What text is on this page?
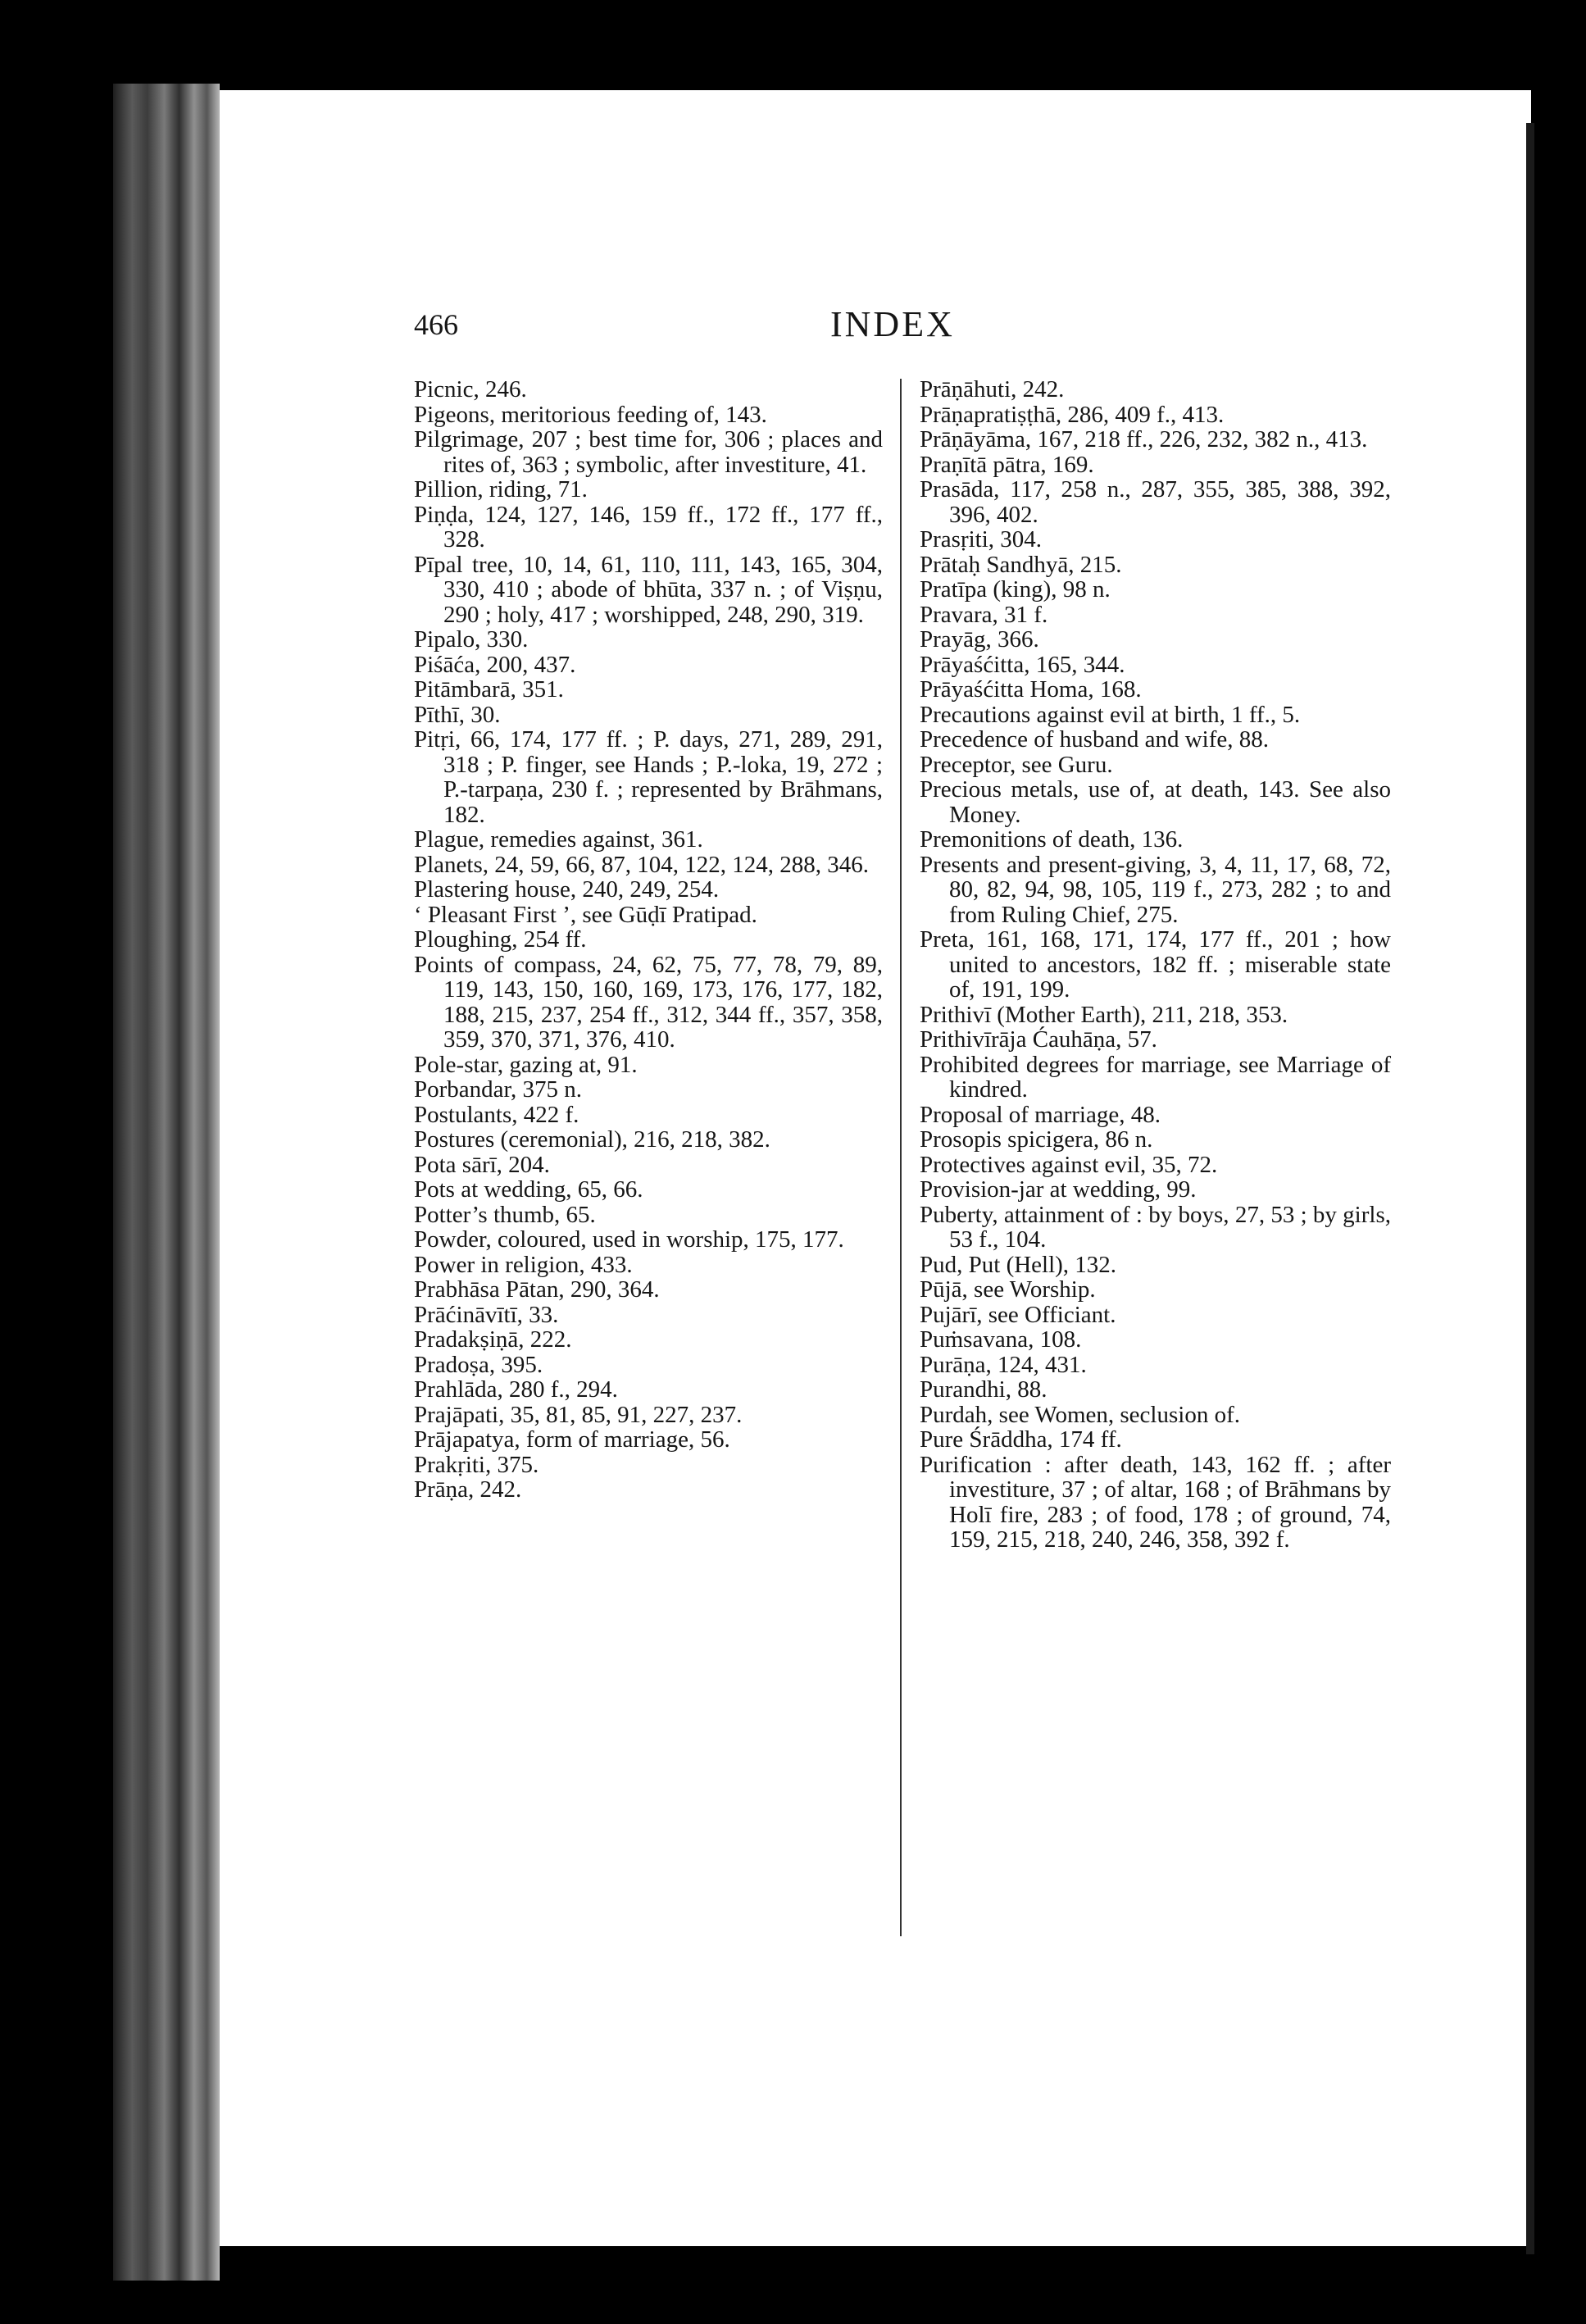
466	INDEX
Picnic, 246.
Pigeons, meritorious feeding of, 143.
Pilgrimage, 207 ; best time for, 306 ; places and rites of, 363 ; symbolic, after investiture, 41.
Pillion, riding, 71.
Piṇḍa, 124, 127, 146, 159 ff., 172 ff., 177 ff., 328.
Pīpal tree, 10, 14, 61, 110, 111, 143, 165, 304, 330, 410 ; abode of bhūta, 337 n. ; of Viṣṇu, 290 ; holy, 417 ; worshipped, 248, 290, 319.
Pipalo, 330.
Piśāća, 200, 437.
Pitāmbarā, 351.
Pīthī, 30.
Pitṛi, 66, 174, 177 ff. ; P. days, 271, 289, 291, 318 ; P. finger, see Hands ; P.-loka, 19, 272 ; P.-tarpaṇa, 230 f. ; represented by Brāhmans, 182.
Plague, remedies against, 361.
Planets, 24, 59, 66, 87, 104, 122, 124, 288, 346.
Plastering house, 240, 249, 254.
‘ Pleasant First ’, see Gūḍī Pratipad.
Ploughing, 254 ff.
Points of compass, 24, 62, 75, 77, 78, 79, 89, 119, 143, 150, 160, 169, 173, 176, 177, 182, 188, 215, 237, 254 ff., 312, 344 ff., 357, 358, 359, 370, 371, 376, 410.
Pole-star, gazing at, 91.
Porbandar, 375 n.
Postulants, 422 f.
Postures (ceremonial), 216, 218, 382.
Pota sārī, 204.
Pots at wedding, 65, 66.
Potter’s thumb, 65.
Powder, coloured, used in worship, 175, 177.
Power in religion, 433.
Prabhāsa Pātan, 290, 364.
Prāćināvītī, 33.
Pradakṣiṇā, 222.
Pradoṣa, 395.
Prahlāda, 280 f., 294.
Prajāpati, 35, 81, 85, 91, 227, 237.
Prājapatya, form of marriage, 56.
Prakṛiti, 375.
Prāṇa, 242.
Prāṇāhuti, 242.
Prāṇapratiṣṭhā, 286, 409 f., 413.
Prāṇāyāma, 167, 218 ff., 226, 232, 382 n., 413.
Praṇītā pātra, 169.
Prasāda, 117, 258 n., 287, 355, 385, 388, 392, 396, 402.
Prasṛiti, 304.
Prātaḥ Sandhyā, 215.
Pratīpa (king), 98 n.
Pravara, 31 f.
Prayāg, 366.
Prāyaśćitta, 165, 344.
Prāyaśćitta Homa, 168.
Precautions against evil at birth, 1 ff., 5.
Precedence of husband and wife, 88.
Preceptor, see Guru.
Precious metals, use of, at death, 143. See also Money.
Premonitions of death, 136.
Presents and present-giving, 3, 4, 11, 17, 68, 72, 80, 82, 94, 98, 105, 119 f., 273, 282 ; to and from Ruling Chief, 275.
Preta, 161, 168, 171, 174, 177 ff., 201 ; how united to ancestors, 182 ff. ; miserable state of, 191, 199.
Prithivī (Mother Earth), 211, 218, 353.
Prithivīrāja Ćauhāṇa, 57.
Prohibited degrees for marriage, see Marriage of kindred.
Proposal of marriage, 48.
Prosopis spicigera, 86 n.
Protectives against evil, 35, 72.
Provision-jar at wedding, 99.
Puberty, attainment of : by boys, 27, 53 ; by girls, 53 f., 104.
Pud, Put (Hell), 132.
Pūjā, see Worship.
Pujārī, see Officiant.
Puṁsavana, 108.
Purāṇa, 124, 431.
Purandhi, 88.
Purdah, see Women, seclusion of.
Pure Śrāddha, 174 ff.
Purification : after death, 143, 162 ff. ; after investiture, 37 ; of altar, 168 ; of Brāhmans by Holī fire, 283 ; of food, 178 ; of ground, 74, 159, 215, 218, 240, 246, 358, 392 f.
